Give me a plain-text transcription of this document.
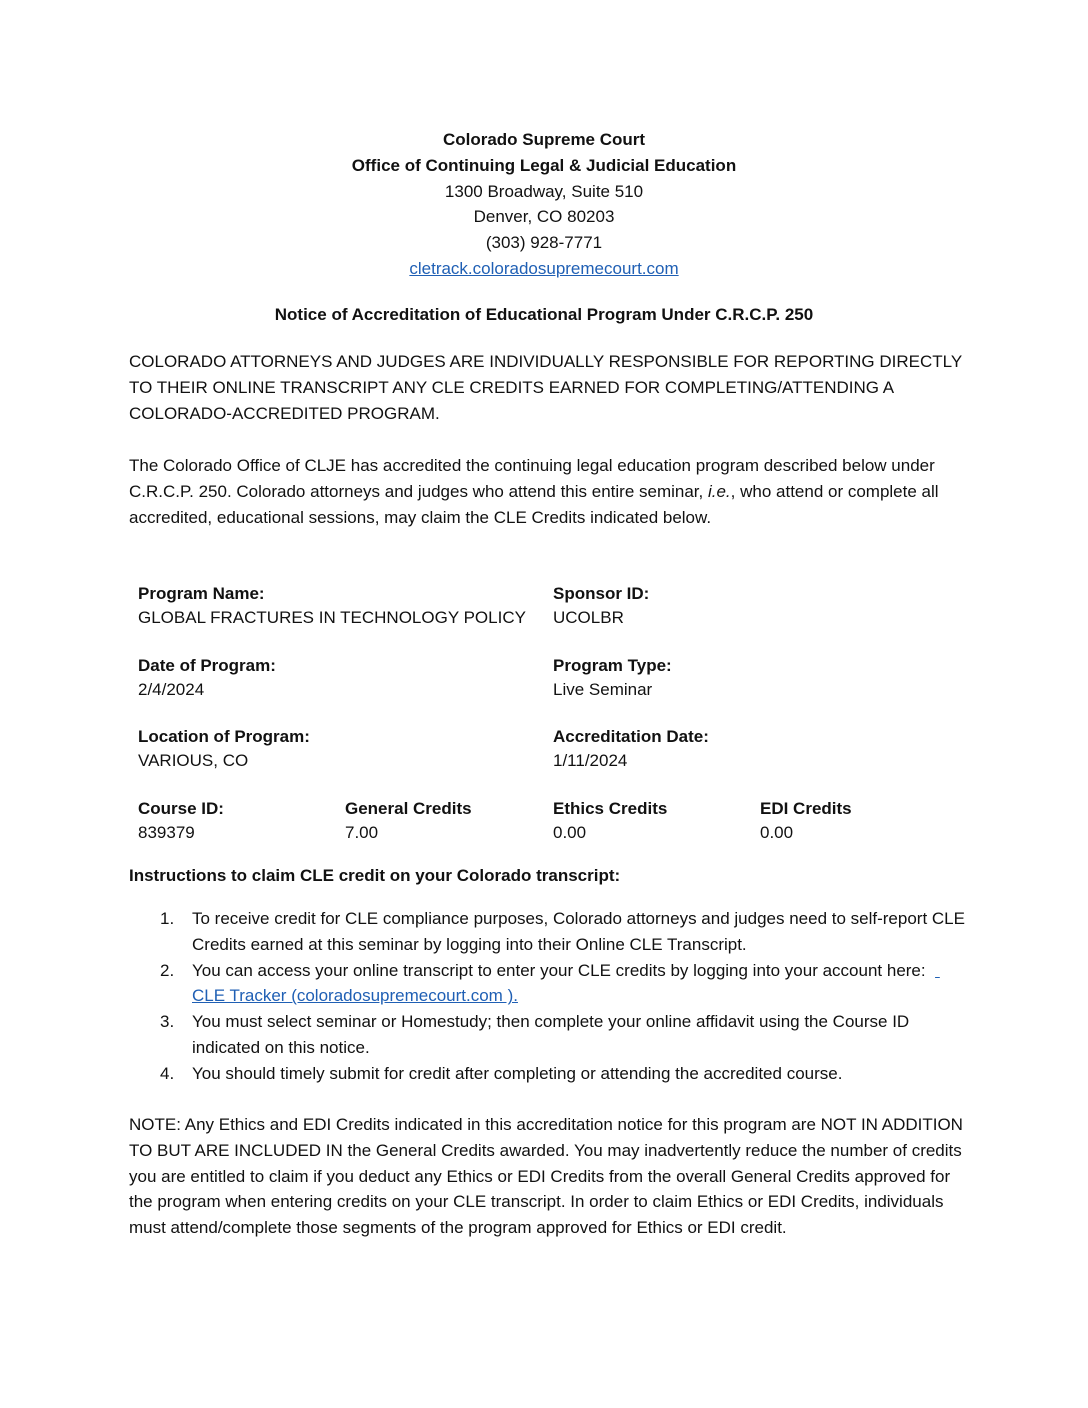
Colorado Supreme Court
Office of Continuing Legal & Judicial Education
1300 Broadway, Suite 510
Denver, CO 80203
(303) 928-7771
cletrack.coloradosupremecourt.com
Notice of Accreditation of Educational Program Under C.R.C.P. 250

COLORADO ATTORNEYS AND JUDGES ARE INDIVIDUALLY RESPONSIBLE FOR REPORTING DIRECTLY TO THEIR ONLINE TRANSCRIPT ANY CLE CREDITS EARNED FOR COMPLETING/ATTENDING A COLORADO-ACCREDITED PROGRAM.

The Colorado Office of CLJE has accredited the continuing legal education program described below under C.R.C.P. 250. Colorado attorneys and judges who attend this entire seminar, i.e., who attend or complete all accredited, educational sessions, may claim the CLE Credits indicated below.

Program Name:
GLOBAL FRACTURES IN TECHNOLOGY POLICY
Sponsor ID:
UCOLBR
Date of Program:
2/4/2024
Program Type:
Live Seminar
Location of Program:
VARIOUS, CO
Accreditation Date:
1/11/2024
Course ID:
839379
General Credits
7.00
Ethics Credits
0.00
EDI Credits
0.00
Instructions to claim CLE credit on your Colorado transcript:
1. To receive credit for CLE compliance purposes, Colorado attorneys and judges need to self-report CLE Credits earned at this seminar by logging into their Online CLE Transcript.
2. You can access your online transcript to enter your CLE credits by logging into your account here:   CLE Tracker (coloradosupremecourt.com ).
3. You must select seminar or Homestudy; then complete your online affidavit using the Course ID indicated on this notice.
4. You should timely submit for credit after completing or attending the accredited course.

NOTE: Any Ethics and EDI Credits indicated in this accreditation notice for this program are NOT IN ADDITION TO BUT ARE INCLUDED IN the General Credits awarded. You may inadvertently reduce the number of credits you are entitled to claim if you deduct any Ethics or EDI Credits from the overall General Credits approved for the program when entering credits on your CLE transcript. In order to claim Ethics or EDI Credits, individuals must attend/complete those segments of the program approved for Ethics or EDI credit.
